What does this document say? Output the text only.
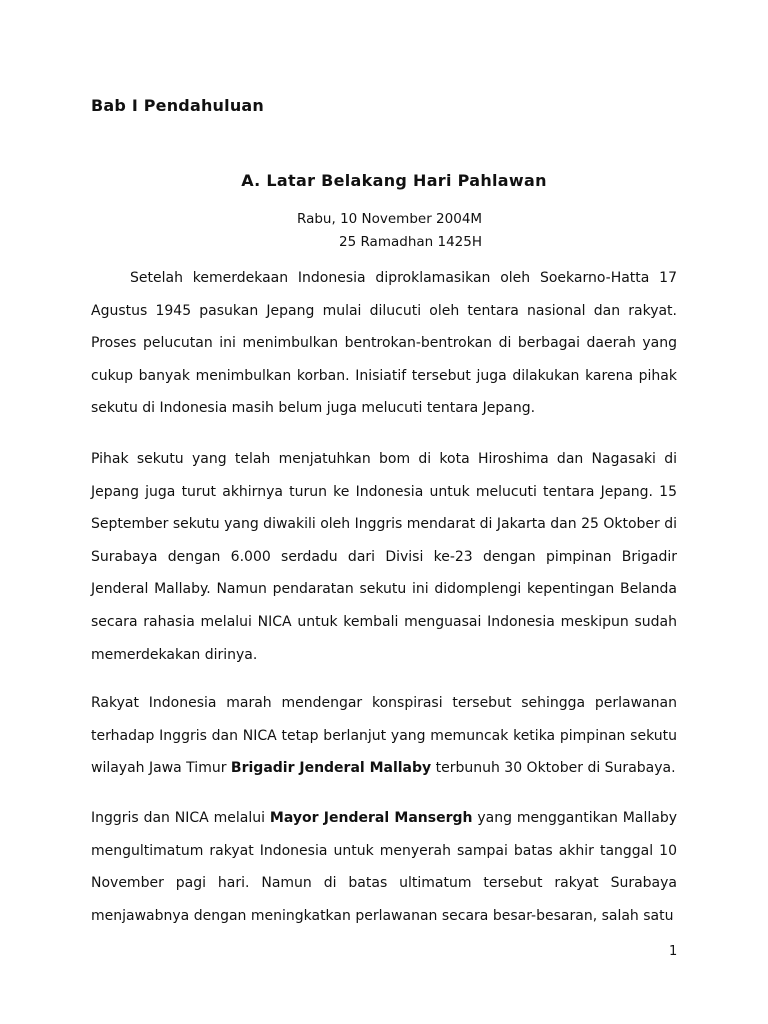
Bab I Pendahuluan
A. Latar Belakang Hari Pahlawan

Rabu, 10 November 2004M

25 Ramadhan 1425H

Setelah kemerdekaan Indonesia diproklamasikan oleh Soekarno-Hatta 17 Agustus 1945 pasukan Jepang mulai dilucuti oleh tentara nasional dan rakyat. Proses pelucutan ini menimbulkan bentrokan-bentrokan di berbagai daerah yang cukup banyak menimbulkan korban. Inisiatif tersebut juga dilakukan karena pihak sekutu di Indonesia masih belum juga melucuti tentara Jepang.

Pihak sekutu yang telah menjatuhkan bom di kota Hiroshima dan Nagasaki di Jepang juga turut akhirnya turun ke Indonesia untuk melucuti tentara Jepang. 15 September sekutu yang diwakili oleh Inggris mendarat di Jakarta dan 25 Oktober di Surabaya dengan 6.000 serdadu dari Divisi ke-23 dengan pimpinan Brigadir Jenderal Mallaby. Namun pendaratan sekutu ini didomplengi kepentingan Belanda secara rahasia melalui NICA untuk kembali menguasai Indonesia meskipun sudah memerdekakan dirinya.

Rakyat Indonesia marah mendengar konspirasi tersebut sehingga perlawanan terhadap Inggris dan NICA tetap berlanjut yang memuncak ketika pimpinan sekutu wilayah Jawa Timur Brigadir Jenderal Mallaby terbunuh 30 Oktober di Surabaya.

Inggris dan NICA melalui Mayor Jenderal Mansergh yang menggantikan Mallaby mengultimatum rakyat Indonesia untuk menyerah sampai batas akhir tanggal 10 November pagi hari. Namun di batas ultimatum tersebut rakyat Surabaya menjawabnya dengan meningkatkan perlawanan secara besar-besaran, salah satu

1
